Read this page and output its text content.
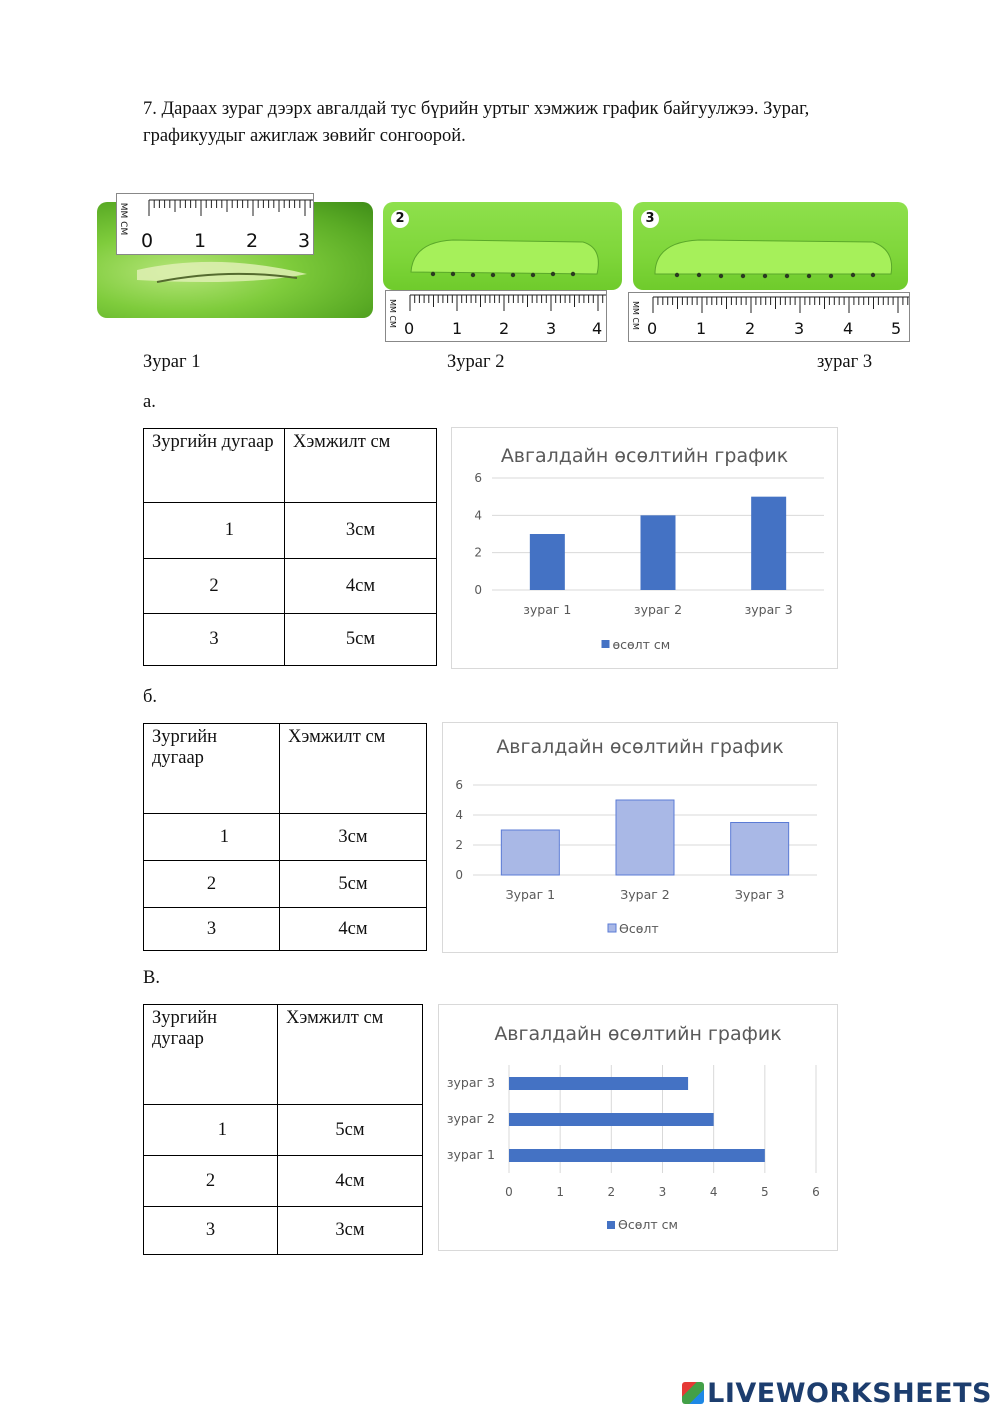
7. Дараах зураг дээрх авгалдай тус бүрийн уртыг хэмжиж график байгуулжээ. Зураг, графикуудыг ажиглаж зөвийг сонгоорой.
MM CM
0 1 2 3
2
MM CM
0 1 2 3 4
3
MM CM 0 1 2 3 4 5
Зураг 1	Зураг 2	зураг 3
а.
Зургийн дугаар	Хэмжилт см
1	3см
2	4см
3	5см
Авгалдайн өсөлтийн график
0
2
4
6
зураг 1	зураг 2	зураг 3
өсөлт см
б.
Зургийн дугаар	Хэмжилт см
1	3см
2	5см
3	4см
Авгалдайн өсөлтийн график
0
2
4
6
Зураг 1	Зураг 2	Зураг 3
Өсөлт
В.
Зургийн дугаар	Хэмжилт см
1	5см
2	4см
3	3см
Авгалдайн өсөлтийн график
0	1	2	3	4	5	6
зураг 1
зураг 2
зураг 3
Өсөлт см
LIVEWORKSHEETS
